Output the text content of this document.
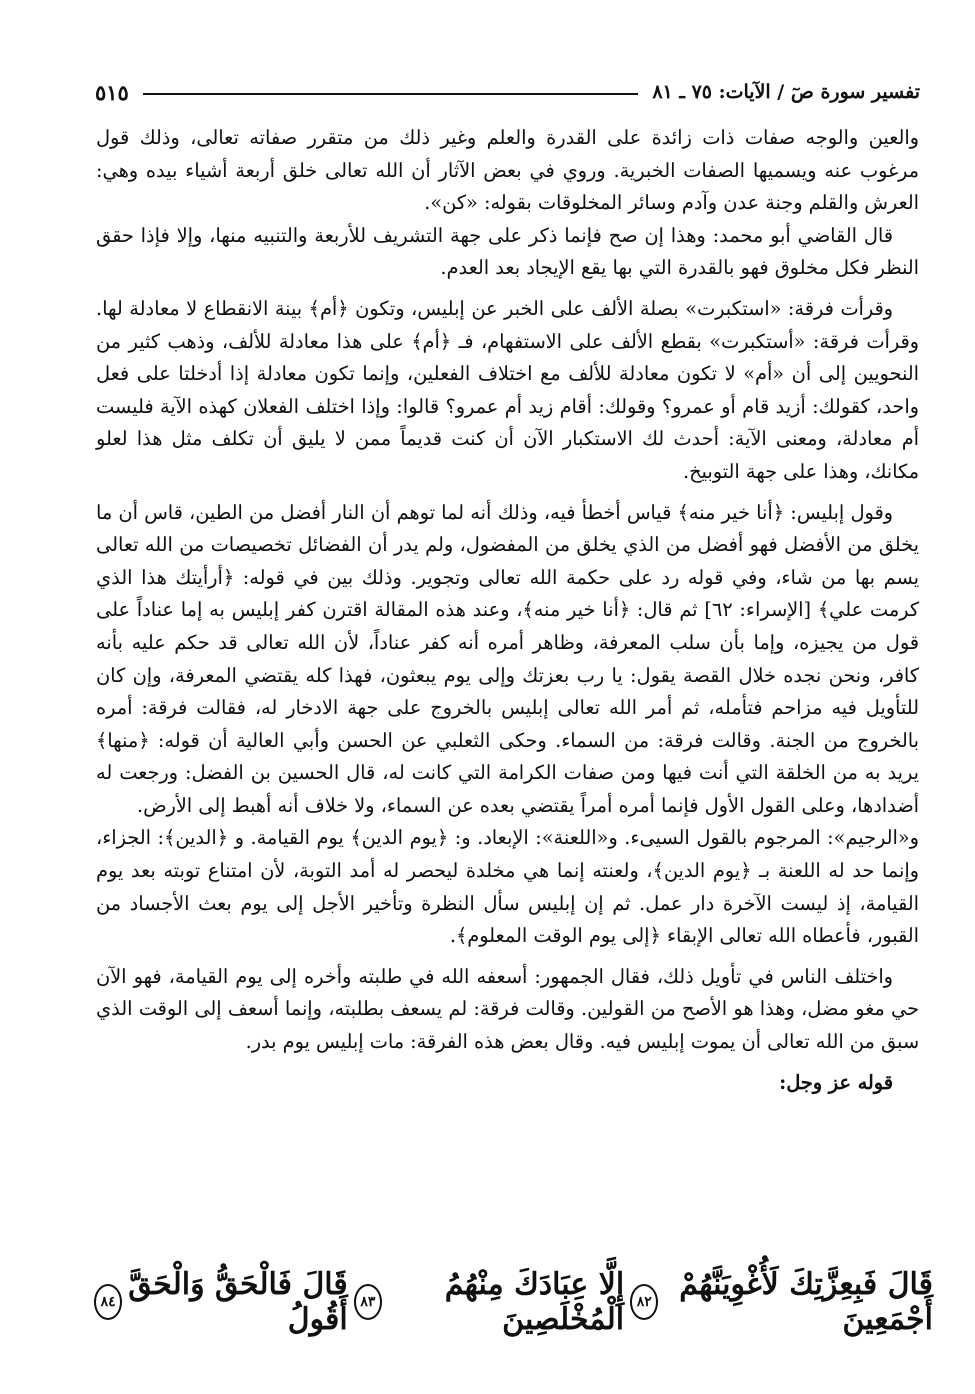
تفسير سورة صٓ / الآيات: ٧٥ ـ ٨١
٥١٥

والعين والوجه صفات ذات زائدة على القدرة والعلم وغير ذلك من متقرر صفاته تعالى، وذلك قول مرغوب عنه ويسميها الصفات الخبرية. وروي في بعض الآثار أن الله تعالى خلق أربعة أشياء بيده وهي: العرش والقلم وجنة عدن وآدم وسائر المخلوقات بقوله: «كن».

قال القاضي أبو محمد: وهذا إن صح فإنما ذكر على جهة التشريف للأربعة والتنبيه منها، وإلا فإذا حقق النظر فكل مخلوق فهو بالقدرة التي بها يقع الإيجاد بعد العدم.

وقرأت فرقة: «استكبرت» بصلة الألف على الخبر عن إبليس، وتكون ﴿أم﴾ بينة الانقطاع لا معادلة لها. وقرأت فرقة: «أستكبرت» بقطع الألف على الاستفهام، فـ ﴿أم﴾ على هذا معادلة للألف، وذهب كثير من النحويين إلى أن «أم» لا تكون معادلة للألف مع اختلاف الفعلين، وإنما تكون معادلة إذا أدخلتا على فعل واحد، كقولك: أزيد قام أو عمرو؟ وقولك: أقام زيد أم عمرو؟ قالوا: وإذا اختلف الفعلان كهذه الآية فليست أم معادلة، ومعنى الآية: أحدث لك الاستكبار الآن أن كنت قديماً ممن لا يليق أن تكلف مثل هذا لعلو مكانك، وهذا على جهة التوبيخ.

وقول إبليس: ﴿أنا خير منه﴾ قياس أخطأ فيه، وذلك أنه لما توهم أن النار أفضل من الطين، قاس أن ما يخلق من الأفضل فهو أفضل من الذي يخلق من المفضول، ولم يدر أن الفضائل تخصيصات من الله تعالى يسم بها من شاء، وفي قوله رد على حكمة الله تعالى وتجوير. وذلك بين في قوله: ﴿أرأيتك هذا الذي كرمت علي﴾ [الإسراء: ٦٢] ثم قال: ﴿أنا خير منه﴾، وعند هذه المقالة اقترن كفر إبليس به إما عناداً على قول من يجيزه، وإما بأن سلب المعرفة، وظاهر أمره أنه كفر عناداً، لأن الله تعالى قد حكم عليه بأنه كافر، ونحن نجده خلال القصة يقول: يا رب بعزتك وإلى يوم يبعثون، فهذا كله يقتضي المعرفة، وإن كان للتأويل فيه مزاحم فتأمله، ثم أمر الله تعالى إبليس بالخروج على جهة الادخار له، فقالت فرقة: أمره بالخروج من الجنة. وقالت فرقة: من السماء. وحكى الثعلبي عن الحسن وأبي العالية أن قوله: ﴿منها﴾ يريد به من الخلقة التي أنت فيها ومن صفات الكرامة التي كانت له، قال الحسين بن الفضل: ورجعت له أضدادها، وعلى القول الأول فإنما أمره أمراً يقتضي بعده عن السماء، ولا خلاف أنه أهبط إلى الأرض.

و«الرجيم»: المرجوم بالقول السيىء. و«اللعنة»: الإبعاد. و: ﴿يوم الدين﴾ يوم القيامة. و ﴿الدين﴾: الجزاء، وإنما حد له اللعنة بـ ﴿يوم الدين﴾، ولعنته إنما هي مخلدة ليحصر له أمد التوبة، لأن امتناع توبته بعد يوم القيامة، إذ ليست الآخرة دار عمل. ثم إن إبليس سأل النظرة وتأخير الأجل إلى يوم بعث الأجساد من القبور، فأعطاه الله تعالى الإبقاء ﴿إلى يوم الوقت المعلوم﴾.

واختلف الناس في تأويل ذلك، فقال الجمهور: أسعفه الله في طلبته وأخره إلى يوم القيامة، فهو الآن حي مغو مضل، وهذا هو الأصح من القولين. وقالت فرقة: لم يسعف بطلبته، وإنما أسعف إلى الوقت الذي سبق من الله تعالى أن يموت إبليس فيه. وقال بعض هذه الفرقة: مات إبليس يوم بدر.

قوله عز وجل:

قَالَ فَبِعِزَّتِكَ لَأُغْوِيَنَّهُمْ أَجْمَعِينَ
٨٢
إِلَّا عِبَادَكَ مِنْهُمُ الْمُخْلَصِينَ
٨٣
قَالَ فَالْحَقُّ وَالْحَقَّ أَقُولُ
٨٤
